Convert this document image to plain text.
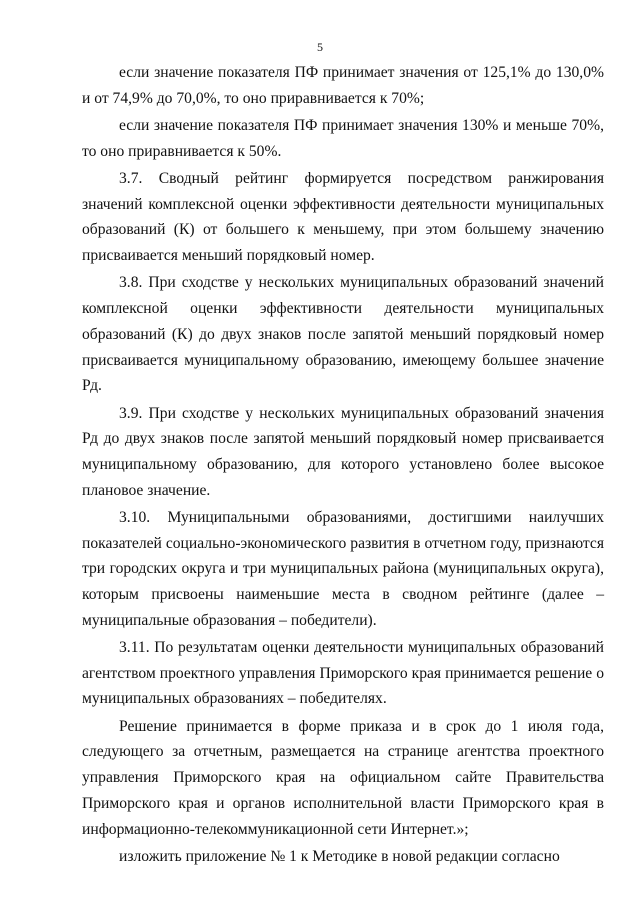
5

если значение показателя ПФ принимает значения от 125,1% до 130,0% и от 74,9% до 70,0%, то оно приравнивается к 70%;

если значение показателя ПФ принимает значения 130% и меньше 70%, то оно приравнивается к 50%.

3.7. Сводный рейтинг формируется посредством ранжирования значений комплексной оценки эффективности деятельности муниципальных образований (К) от большего к меньшему, при этом большему значению присваивается меньший порядковый номер.

3.8. При сходстве у нескольких муниципальных образований значений комплексной оценки эффективности деятельности муниципальных образований (К) до двух знаков после запятой меньший порядковый номер присваивается муниципальному образованию, имеющему большее значение Рд.

3.9. При сходстве у нескольких муниципальных образований значения Рд до двух знаков после запятой меньший порядковый номер присваивается муниципальному образованию, для которого установлено более высокое плановое значение.

3.10. Муниципальными образованиями, достигшими наилучших показателей социально-экономического развития в отчетном году, признаются три городских округа и три муниципальных района (муниципальных округа), которым присвоены наименьшие места в сводном рейтинге (далее – муниципальные образования – победители).

3.11. По результатам оценки деятельности муниципальных образований агентством проектного управления Приморского края принимается решение о муниципальных образованиях – победителях.

Решение принимается в форме приказа и в срок до 1 июля года, следующего за отчетным, размещается на странице агентства проектного управления Приморского края на официальном сайте Правительства Приморского края и органов исполнительной власти Приморского края в информационно-телекоммуникационной сети Интернет.»;

изложить приложение № 1 к Методике в новой редакции согласно
